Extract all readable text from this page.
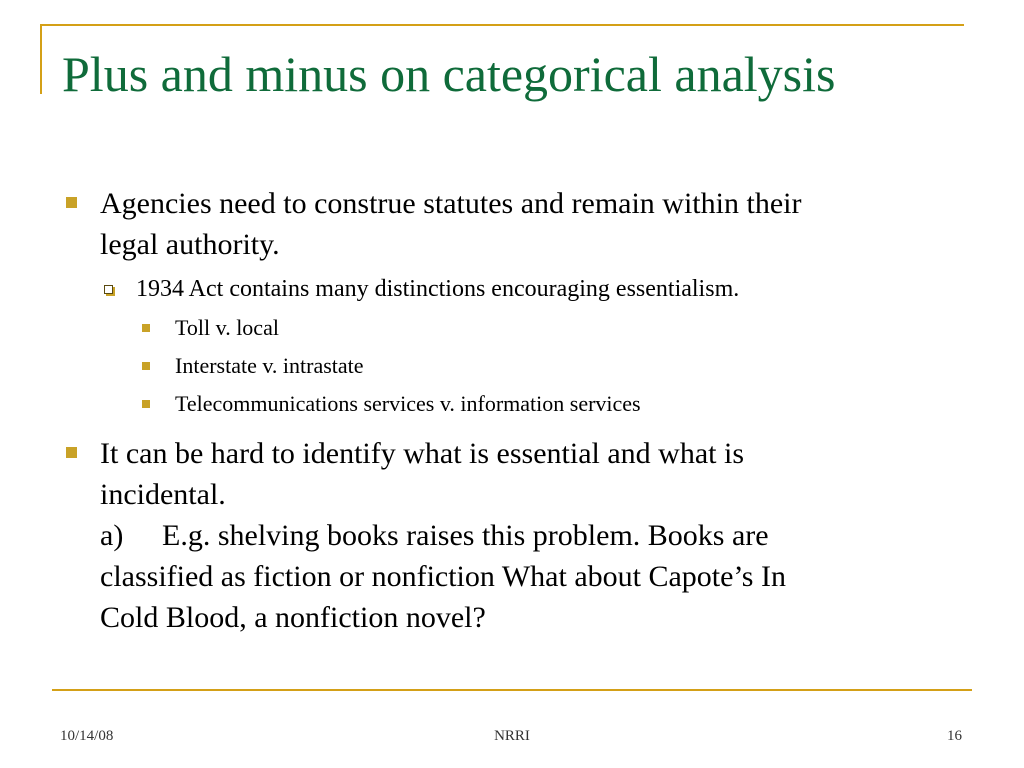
Plus and minus on categorical analysis
Agencies need to construe statutes and remain within their
legal authority.
1934 Act contains many distinctions encouraging essentialism.
Toll v. local
Interstate v. intrastate
Telecommunications services v. information services
It can be hard to identify what is essential and what is
incidental.
a) E.g. shelving books raises this problem. Books are
classified as fiction or nonfiction What about Capote’s In
Cold Blood, a nonfiction novel?
10/14/08	NRRI	16
